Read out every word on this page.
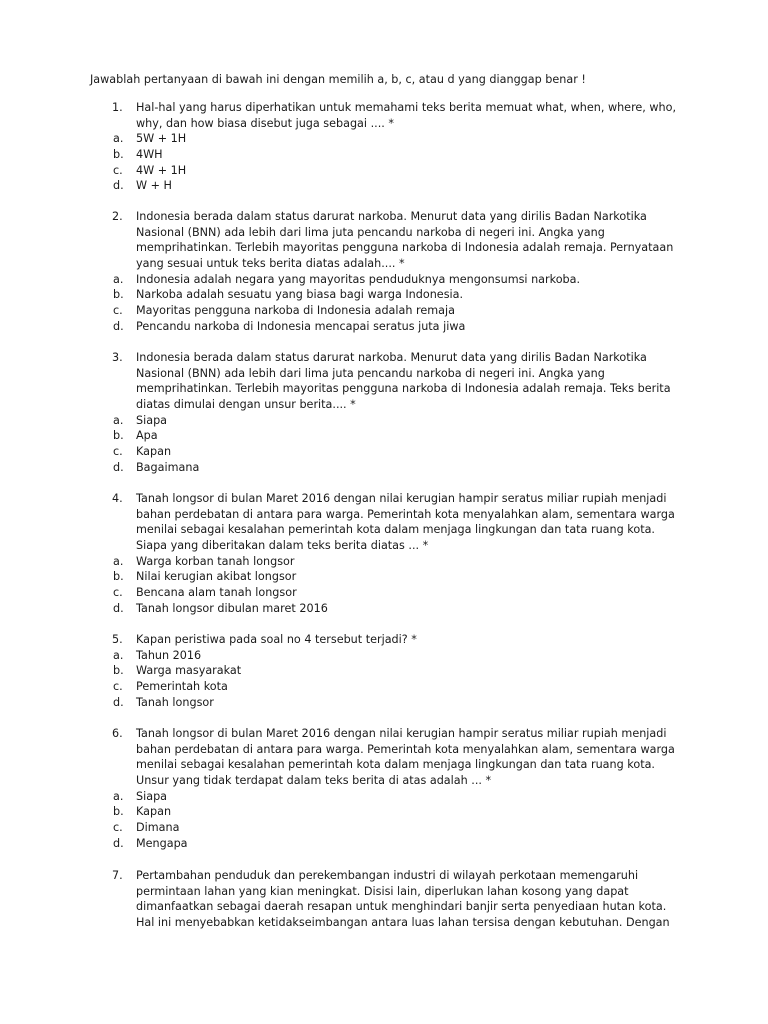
Jawablah pertanyaan di bawah ini dengan memilih a, b, c, atau d yang dianggap benar !
1. Hal-hal yang harus diperhatikan untuk memahami teks berita memuat what, when, where, who,
why, dan how biasa disebut juga sebagai .... *
a. 5W + 1H
b. 4WH
c. 4W + 1H
d. W + H
2. Indonesia berada dalam status darurat narkoba. Menurut data yang dirilis Badan Narkotika
Nasional (BNN) ada lebih dari lima juta pencandu narkoba di negeri ini. Angka yang
memprihatinkan. Terlebih mayoritas pengguna narkoba di Indonesia adalah remaja. Pernyataan
yang sesuai untuk teks berita diatas adalah.... *
a. Indonesia adalah negara yang mayoritas penduduknya mengonsumsi narkoba.
b. Narkoba adalah sesuatu yang biasa bagi warga Indonesia.
c. Mayoritas pengguna narkoba di Indonesia adalah remaja
d. Pencandu narkoba di Indonesia mencapai seratus juta jiwa
3. Indonesia berada dalam status darurat narkoba. Menurut data yang dirilis Badan Narkotika
Nasional (BNN) ada lebih dari lima juta pencandu narkoba di negeri ini. Angka yang
memprihatinkan. Terlebih mayoritas pengguna narkoba di Indonesia adalah remaja. Teks berita
diatas dimulai dengan unsur berita.... *
a. Siapa
b. Apa
c. Kapan
d. Bagaimana
4. Tanah longsor di bulan Maret 2016 dengan nilai kerugian hampir seratus miliar rupiah menjadi
bahan perdebatan di antara para warga. Pemerintah kota menyalahkan alam, sementara warga
menilai sebagai kesalahan pemerintah kota dalam menjaga lingkungan dan tata ruang kota.
Siapa yang diberitakan dalam teks berita diatas ... *
a. Warga korban tanah longsor
b. Nilai kerugian akibat longsor
c. Bencana alam tanah longsor
d. Tanah longsor dibulan maret 2016
5. Kapan peristiwa pada soal no 4 tersebut terjadi? *
a. Tahun 2016
b. Warga masyarakat
c. Pemerintah kota
d. Tanah longsor
6. Tanah longsor di bulan Maret 2016 dengan nilai kerugian hampir seratus miliar rupiah menjadi
bahan perdebatan di antara para warga. Pemerintah kota menyalahkan alam, sementara warga
menilai sebagai kesalahan pemerintah kota dalam menjaga lingkungan dan tata ruang kota.
Unsur yang tidak terdapat dalam teks berita di atas adalah ... *
a. Siapa
b. Kapan
c. Dimana
d. Mengapa
7. Pertambahan penduduk dan perekembangan industri di wilayah perkotaan memengaruhi
permintaan lahan yang kian meningkat. Disisi lain, diperlukan lahan kosong yang dapat
dimanfaatkan sebagai daerah resapan untuk menghindari banjir serta penyediaan hutan kota.
Hal ini menyebabkan ketidakseimbangan antara luas lahan tersisa dengan kebutuhan. Dengan
